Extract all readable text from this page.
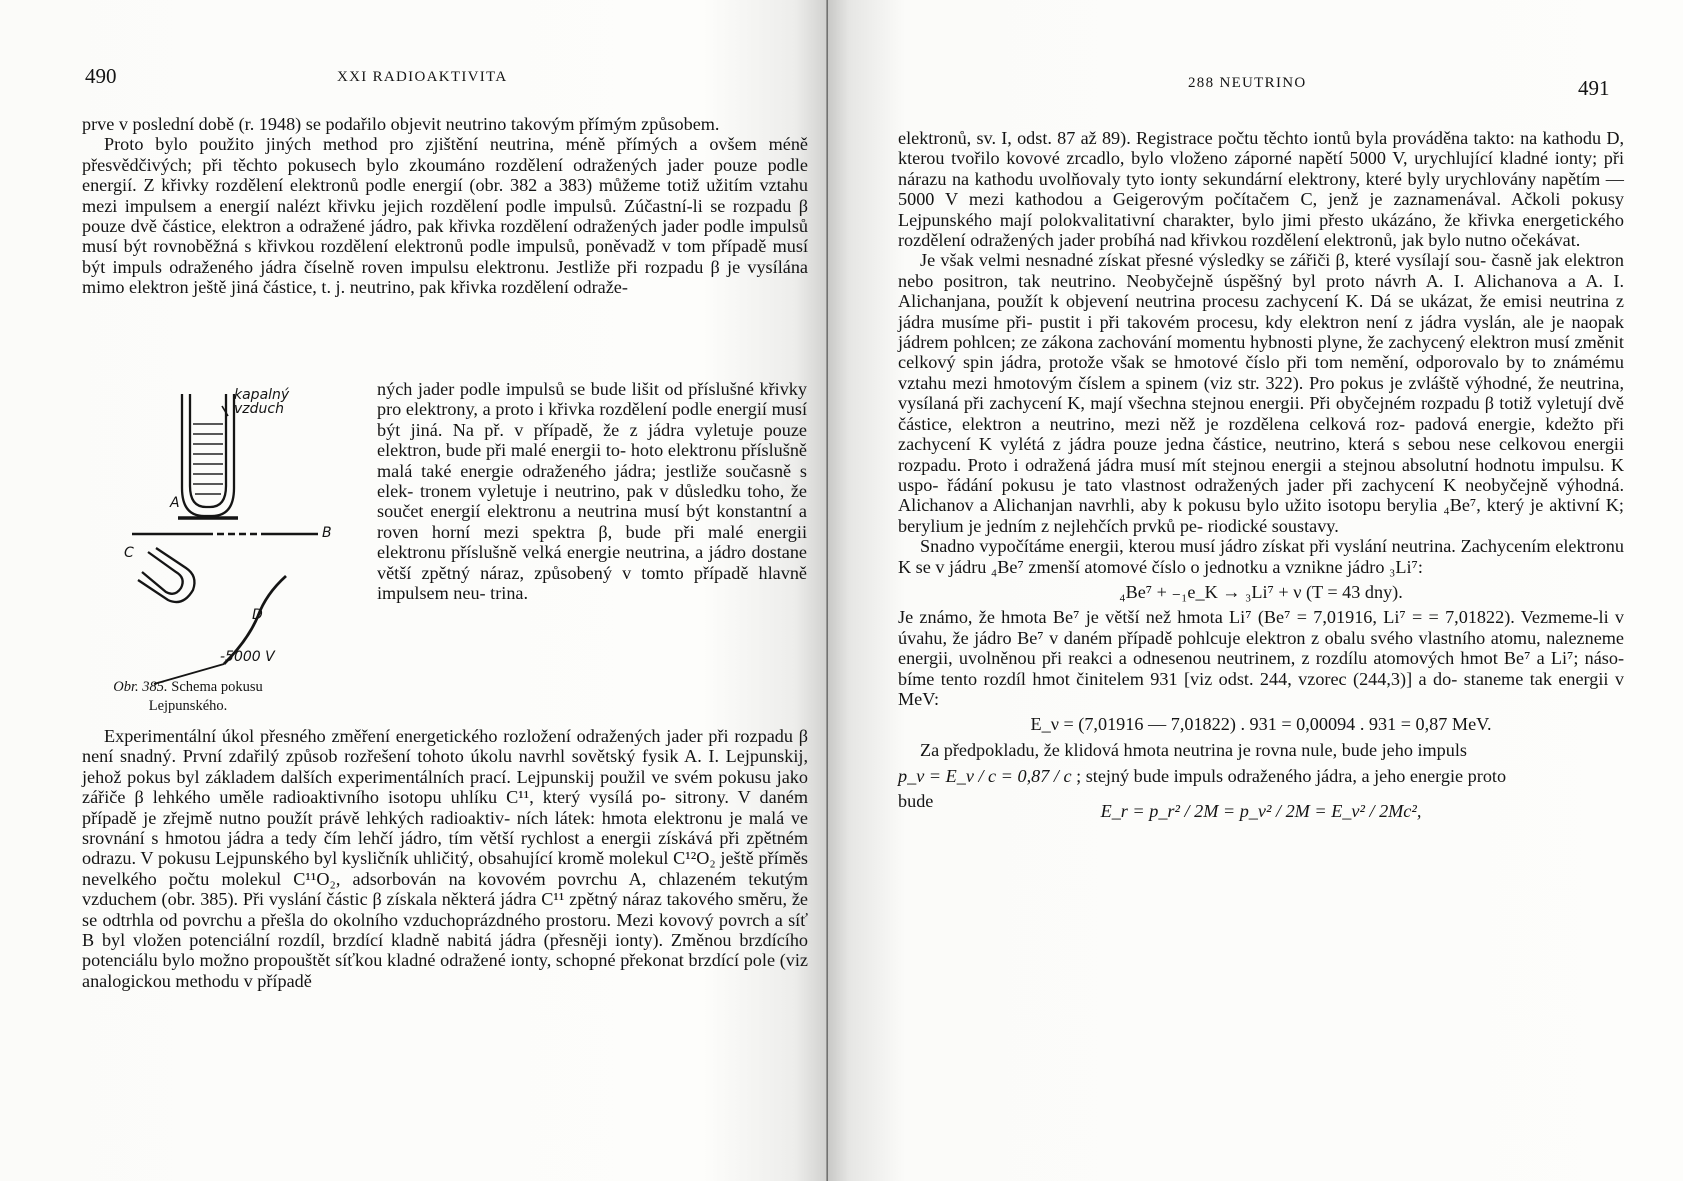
490	XXI RADIOAKTIVITA

prve v poslední době (r. 1948) se podařilo objevit neutrino takovým přímým způsobem.

Proto bylo použito jiných method pro zjištění neutrina, méně přímých a ovšem méně přesvědčivých; při těchto pokusech bylo zkoumáno rozdělení odražených jader pouze podle energií. Z křivky rozdělení elektronů podle energií (obr. 382 a 383) můžeme totiž užitím vztahu mezi impulsem a energií nalézt křivku jejich rozdělení podle impulsů. Zúčastní-li se rozpadu β pouze dvě částice, elektron a odražené jádro, pak křivka rozdělení odražených jader podle impulsů musí být rovnoběžná s křivkou rozdělení elektronů podle impulsů, poněvadž v tom případě musí být impuls odraženého jádra číselně roven impulsu elektronu. Jestliže při rozpadu β je vysílána mimo elektron ještě jiná částice, t. j. neutrino, pak křivka rozdělení odraže-

ných jader podle impulsů se bude lišit od příslušné křivky pro elektrony, a proto i křivka rozdělení podle energií musí být jiná. Na př. v případě, že z jádra vyletuje pouze elektron, bude při malé energii to- hoto elektronu příslušně malá také energie odraženého jádra; jestliže současně s elek- tronem vyletuje i neutrino, pak v důsledku toho, že součet energií elektronu a neutrina musí být konstantní a roven horní mezi spektra β, bude při malé energii elektronu příslušně velká energie neutrina, a jádro dostane větší zpětný náraz, způsobený v tomto případě hlavně impulsem neu- trina.

kapalný
vzduch
A
B
C
D
-5000 V
Obr. 385. Schema pokusu
Lejpunského.

Experimentální úkol přesného změření energetického rozložení odražených jader při rozpadu β není snadný. První zdařilý způsob rozřešení tohoto úkolu navrhl sovětský fysik A. I. Lejpunskij, jehož pokus byl základem dalších experimentálních prací. Lejpunskij použil ve svém pokusu jako zářiče β lehkého uměle radioaktivního isotopu uhlíku C¹¹, který vysílá po- sitrony. V daném případě je zřejmě nutno použít právě lehkých radioaktiv- ních látek: hmota elektronu je malá ve srovnání s hmotou jádra a tedy čím lehčí jádro, tím větší rychlost a energii získává při zpětném odrazu. V pokusu Lejpunského byl kysličník uhličitý, obsahující kromě molekul C¹²O₂ ještě příměs nevelkého počtu molekul C¹¹O₂, adsorbován na kovovém povrchu A, chlazeném tekutým vzduchem (obr. 385). Při vyslání částic β získala některá jádra C¹¹ zpětný náraz takového směru, že se odtrhla od povrchu a přešla do okolního vzduchoprázdného prostoru. Mezi kovový povrch a síť B byl vložen potenciální rozdíl, brzdící kladně nabitá jádra (přesněji ionty). Změnou brzdícího potenciálu bylo možno propouštět síťkou kladné odražené ionty, schopné překonat brzdící pole (viz analogickou methodu v případě

288 NEUTRINO	491

elektronů, sv. I, odst. 87 až 89). Registrace počtu těchto iontů byla prováděna takto: na kathodu D, kterou tvořilo kovové zrcadlo, bylo vloženo záporné napětí 5000 V, urychlující kladné ionty; při nárazu na kathodu uvolňovaly tyto ionty sekundární elektrony, které byly urychlovány napětím —5000 V mezi kathodou a Geigerovým počítačem C, jenž je zaznamenával. Ačkoli pokusy Lejpunského mají polokvalitativní charakter, bylo jimi přesto ukázáno, že křivka energetického rozdělení odražených jader probíhá nad křivkou rozdělení elektronů, jak bylo nutno očekávat.

Je však velmi nesnadné získat přesné výsledky se zářiči β, které vysílají sou- časně jak elektron nebo positron, tak neutrino. Neobyčejně úspěšný byl proto návrh A. I. Alichanova a A. I. Alichanjana, použít k objevení neutrina procesu zachycení K. Dá se ukázat, že emisi neutrina z jádra musíme při- pustit i při takovém procesu, kdy elektron není z jádra vyslán, ale je naopak jádrem pohlcen; ze zákona zachování momentu hybnosti plyne, že zachycený elektron musí změnit celkový spin jádra, protože však se hmotové číslo při tom nemění, odporovalo by to známému vztahu mezi hmotovým číslem a spinem (viz str. 322). Pro pokus je zvláště výhodné, že neutrina, vysílaná při zachycení K, mají všechna stejnou energii. Při obyčejném rozpadu β totiž vyletují dvě částice, elektron a neutrino, mezi něž je rozdělena celková roz- padová energie, kdežto při zachycení K vylétá z jádra pouze jedna částice, neutrino, která s sebou nese celkovou energii rozpadu. Proto i odražená jádra musí mít stejnou energii a stejnou absolutní hodnotu impulsu. K uspo- řádání pokusu je tato vlastnost odražených jader při zachycení K neobyčejně výhodná. Alichanov a Alichanjan navrhli, aby k pokusu bylo užito isotopu berylia ₄Be⁷, který je aktivní K; berylium je jedním z nejlehčích prvků pe- riodické soustavy.

Snadno vypočítáme energii, kterou musí jádro získat při vyslání neutrina. Zachycením elektronu K se v jádru ₄Be⁷ zmenší atomové číslo o jednotku a vznikne jádro ₃Li⁷:

₄Be⁷ + ₋₁e_K → ₃Li⁷ + ν (T = 43 dny).

Je známo, že hmota Be⁷ je větší než hmota Li⁷ (Be⁷ = 7,01916, Li⁷ = = 7,01822). Vezmeme-li v úvahu, že jádro Be⁷ v daném případě pohlcuje elektron z obalu svého vlastního atomu, nalezneme energii, uvolněnou při reakci a odnesenou neutrinem, z rozdílu atomových hmot Be⁷ a Li⁷; náso- bíme tento rozdíl hmot činitelem 931 [viz odst. 244, vzorec (244,3)] a do- staneme tak energii v MeV:

E_ν = (7,01916 — 7,01822) . 931 = 0,00094 . 931 = 0,87 MeV.

Za předpokladu, že klidová hmota neutrina je rovna nule, bude jeho impuls

p_ν = E_ν / c = 0,87 / c ; stejný bude impuls odraženého jádra, a jeho energie proto
bude
E_r = p_r² / 2M = p_ν² / 2M = E_ν² / 2Mc²,
